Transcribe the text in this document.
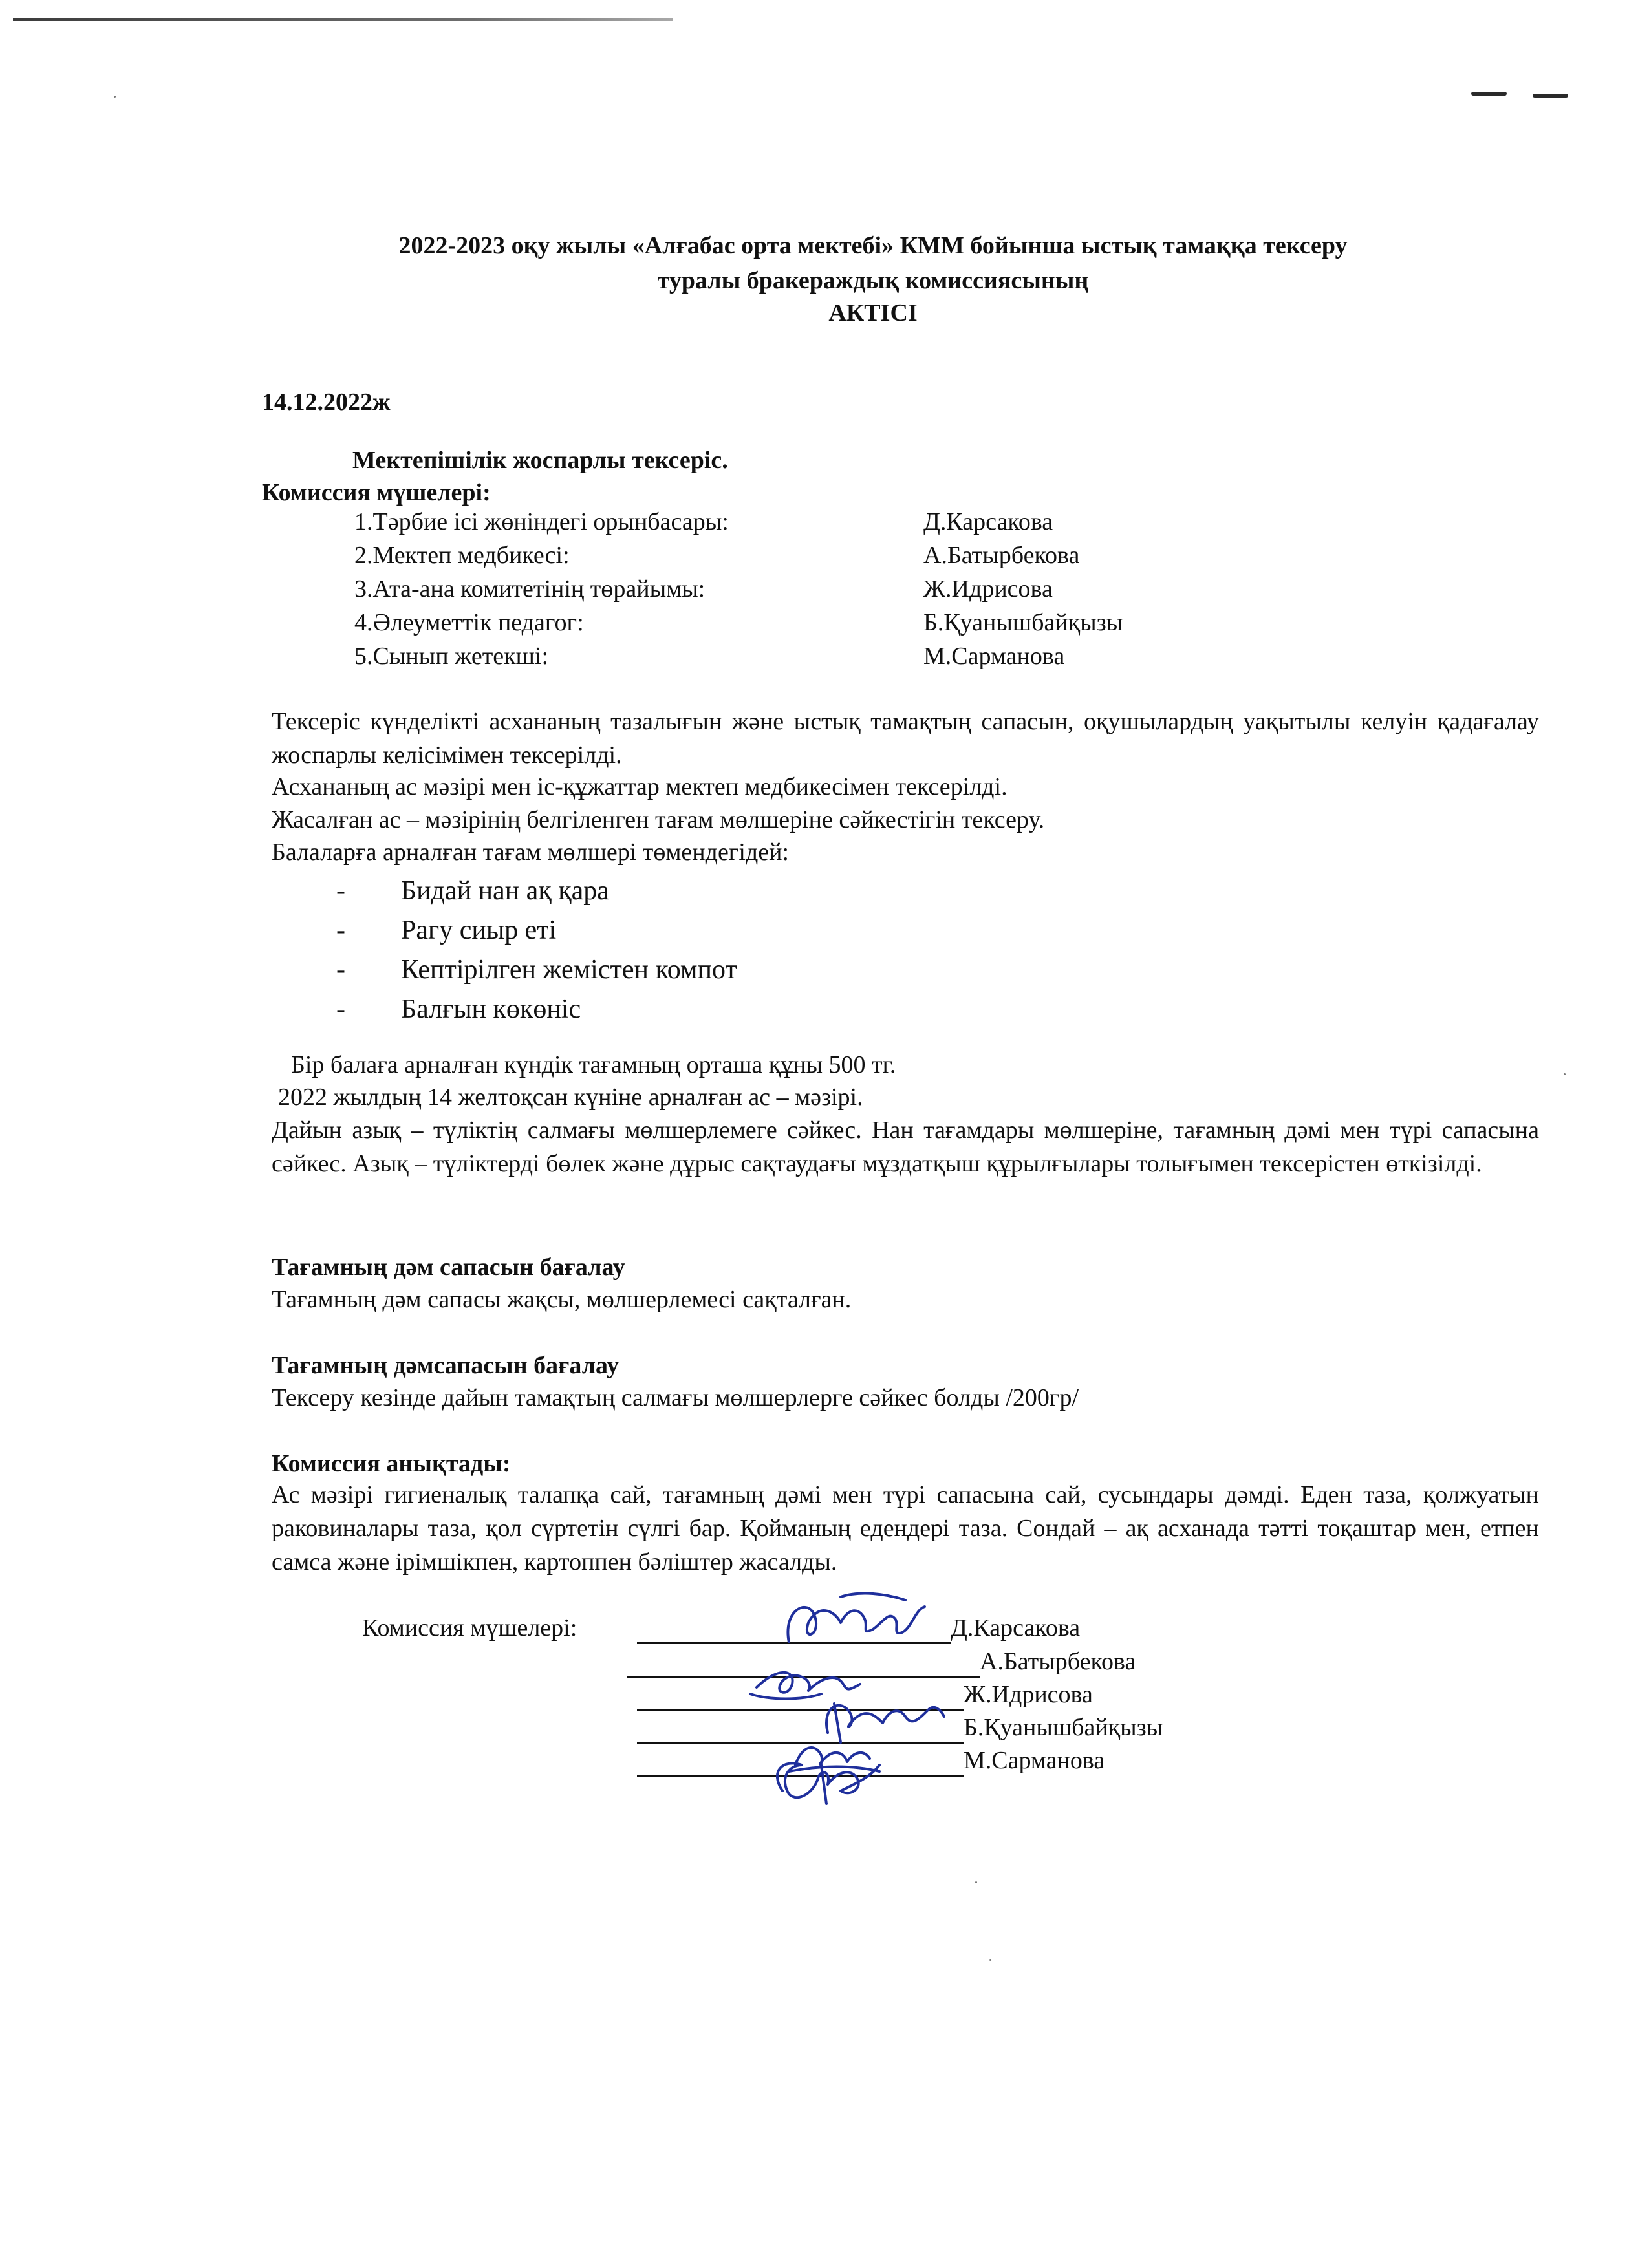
2022-2023 оқу жылы «Алғабас орта мектебі» КММ бойынша ыстық тамаққа тексеру
туралы бракераждық комиссиясының
АКТІСІ
14.12.2022ж
Мектепішілік жоспарлы тексеріс.
Комиссия мүшелері:
1.Тәрбие ісі жөніндегі орынбасары:	Д.Карсакова
2.Мектеп медбикесі:	А.Батырбекова
3.Ата-ана комитетінің төрайымы:	Ж.Идрисова
4.Әлеуметтік педагог:	Б.Қуанышбайқызы
5.Сынып жетекші:	М.Сарманова
Тексеріс күнделікті асхананың тазалығын және ыстық тамақтың сапасын, оқушылардың уақытылы келуін қадағалау жоспарлы келісімімен тексерілді.
Асхананың ас мәзірі мен іс-құжаттар мектеп медбикесімен тексерілді.
Жасалған ас – мәзірінің белгіленген тағам мөлшеріне сәйкестігін тексеру.
Балаларға арналған тағам мөлшері төмендегідей:
- Бидай нан ақ қара
- Рагу сиыр еті
- Кептірілген жемістен компот
- Балғын көкөніс
Бір балаға арналған күндік тағамның орташа құны 500 тг.
2022 жылдың 14 желтоқсан күніне арналған ас – мәзірі.
Дайын азық – түліктің салмағы мөлшерлемеге сәйкес. Нан тағамдары мөлшеріне, тағамның дәмі мен түрі сапасына сәйкес. Азық – түліктерді бөлек және дұрыс сақтаудағы мұздатқыш құрылғылары толығымен тексерістен өткізілді.
Тағамның дәм сапасын бағалау
Тағамның дәм сапасы жақсы, мөлшерлемесі сақталған.
Тағамның дәмсапасын бағалау
Тексеру кезінде дайын тамақтың салмағы мөлшерлерге сәйкес болды /200гр/
Комиссия анықтады:
Ас мәзірі гигиеналық талапқа сай, тағамның дәмі мен түрі сапасына сай, сусындары дәмді. Еден таза, қолжуатын раковиналары таза, қол сүртетін сүлгі бар. Қойманың едендері таза. Сондай – ақ асханада тәтті тоқаштар мен, етпен самса және ірімшікпен, картоппен бәліштер жасалды.
Комиссия мүшелері:	Д.Карсакова
А.Батырбекова
Ж.Идрисова
Б.Қуанышбайқызы
М.Сарманова
